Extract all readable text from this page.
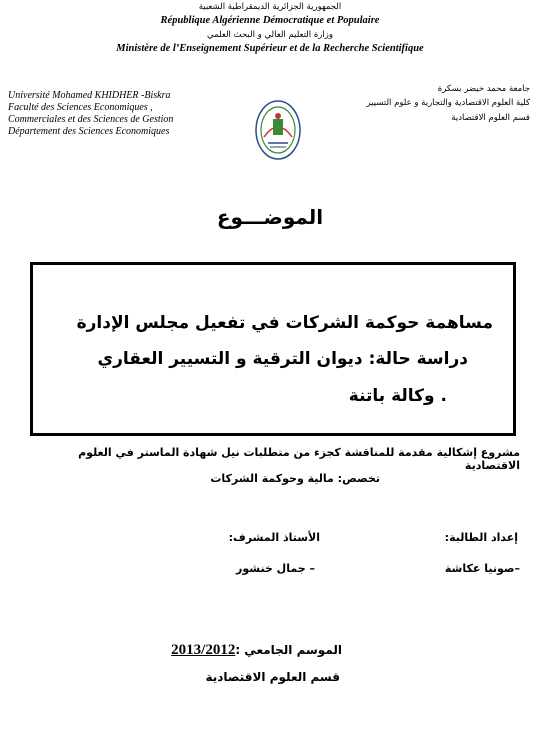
الجمهورية الجزائرية الديمقراطية الشعبية
République Algérienne Démocratique et Populaire
وزارة التعليم العالي و البحث العلمي
Ministère de l’Enseignement Supérieur et de la Recherche Scientifique
جامعة محمد خيضر بسكرة
كلية العلوم الاقتصادية والتجارية و علوم التسيير
قسم العلوم الاقتصادية
Université Mohamed KHIDHER -Biskra
Faculté des Sciences Economiques ,
Commerciales et des Sciences de Gestion
Département des Sciences Economiques
الموضـــوع
مساهمة حوكمة الشركات في تفعيل مجلس الإدارة
دراسة حالة: ديوان الترقية و التسيير العقاري
. وكالة باتنة
مشروع إشكالية مقدمة للمناقشة كجزء من متطلبات نيل شهادة الماستر في العلوم الاقتصادية
تخصص: مالية وحوكمة الشركات
إعداد الطالبة:
الأستاذ المشرف:
–صونيا عكاشة
– جمال خنشور
الموسم الجامعي :2013/2012
قسم العلوم الاقتصادية
